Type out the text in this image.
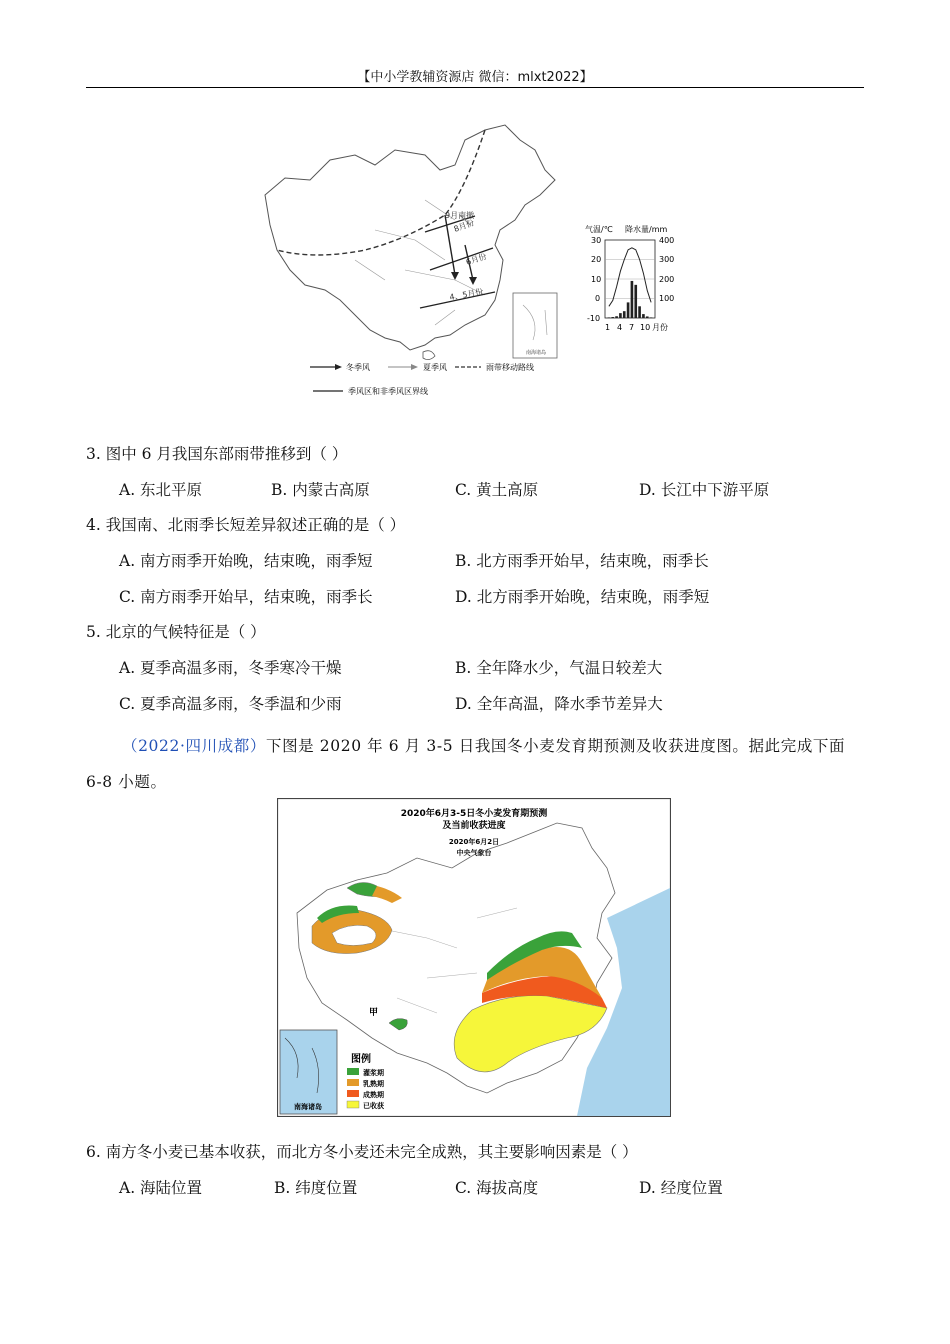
【中小学教辅资源店 微信：mlxt2022】
9月南撤
8月份
6月份
4、5月份
南海诸岛
冬季风	夏季风	雨带移动路线
季风区和非季风区界线
气温/℃ 降水量/mm
30
20
10
0
-10
400
300
200
100
1 4 7 10 月份
3. 图中 6 月我国东部雨带推移到（ ）
A. 东北平原	B. 内蒙古高原	C. 黄土高原	D. 长江中下游平原
4. 我国南、北雨季长短差异叙述正确的是（ ）
A. 南方雨季开始晚，结束晚，雨季短	B. 北方雨季开始早，结束晚，雨季长
C. 南方雨季开始早，结束晚，雨季长	D. 北方雨季开始晚，结束晚，雨季短
5. 北京的气候特征是（ ）
A. 夏季高温多雨，冬季寒冷干燥	B. 全年降水少，气温日较差大
C. 夏季高温多雨，冬季温和少雨	D. 全年高温，降水季节差异大
（2022·四川成都）下图是 2020 年 6 月 3-5 日我国冬小麦发育期预测及收获进度图。据此完成下面 6-8 小题。
甲
2020年6月3-5日冬小麦发育期预测
及当前收获进度
2020年6月2日
中央气象台
南海诸岛
图例
灌浆期
乳熟期
成熟期
已收获
6. 南方冬小麦已基本收获，而北方冬小麦还未完全成熟，其主要影响因素是（ ）
A. 海陆位置	B. 纬度位置	C. 海拔高度	D. 经度位置
